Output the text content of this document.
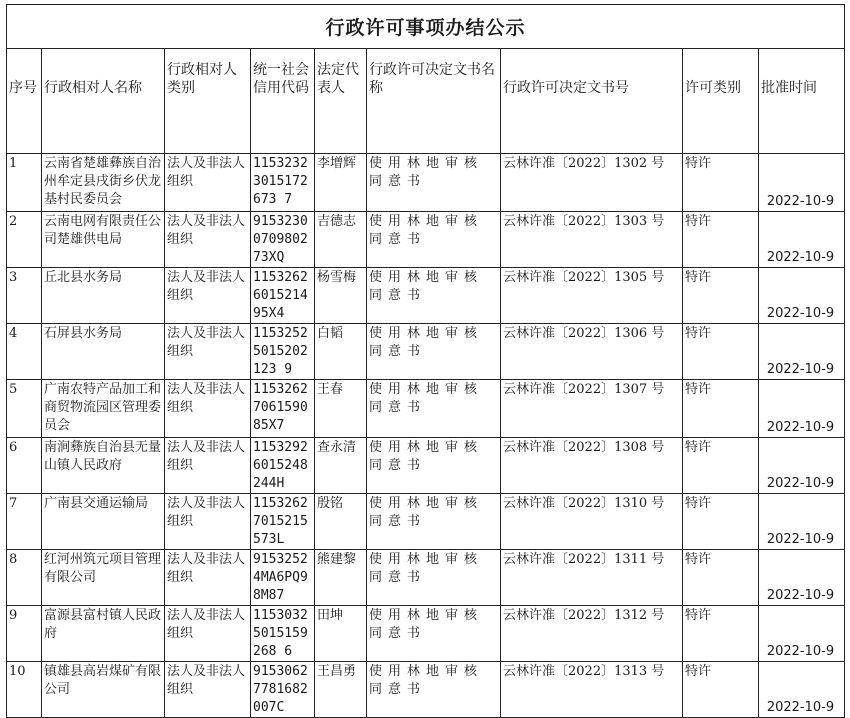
行政许可事项办结公示								
序号	行政相对人名称	行政相对人类别	统一社会信用代码	法定代表人	行政许可决定文书名称	行政许可决定文书号	许可类别	批准时间
1	云南省楚雄彝族自治州牟定县戌街乡伏龙基村民委员会	法人及非法人组织	11532323015172673 7	李增辉	使用林地审核同意书	云林许准〔2022〕1302 号	特许	2022-10-9
2	云南电网有限责任公司楚雄供电局	法人及非法人组织	91532300709802 73XQ	吉德志	使用林地审核同意书	云林许准〔2022〕1303 号	特许	2022-10-9
3	丘北县水务局	法人及非法人组织	11532626015214 95X4	杨雪梅	使用林地审核同意书	云林许准〔2022〕1305 号	特许	2022-10-9
4	石屏县水务局	法人及非法人组织	11532525015202123 9	白韬	使用林地审核同意书	云林许准〔2022〕1306 号	特许	2022-10-9
5	广南农特产品加工和商贸物流园区管理委员会	法人及非法人组织	11532627061590 85X7	王春	使用林地审核同意书	云林许准〔2022〕1307 号	特许	2022-10-9
6	南涧彝族自治县无量山镇人民政府	法人及非法人组织	11532926015248 244H	查永清	使用林地审核同意书	云林许准〔2022〕1308 号	特许	2022-10-9
7	广南县交通运输局	法人及非法人组织	11532627015215 573L	殷铭	使用林地审核同意书	云林许准〔2022〕1310 号	特许	2022-10-9
8	红河州筑元项目管理有限公司	法人及非法人组织	91532524MA6PQ9 8M87	熊建黎	使用林地审核同意书	云林许准〔2022〕1311 号	特许	2022-10-9
9	富源县富村镇人民政府	法人及非法人组织	11530325015159268 6	田坤	使用林地审核同意书	云林许准〔2022〕1312 号	特许	2022-10-9
10	镇雄县高岩煤矿有限公司	法人及非法人组织	91530627781682 007C	王昌勇	使用林地审核同意书	云林许准〔2022〕1313 号	特许	2022-10-9
